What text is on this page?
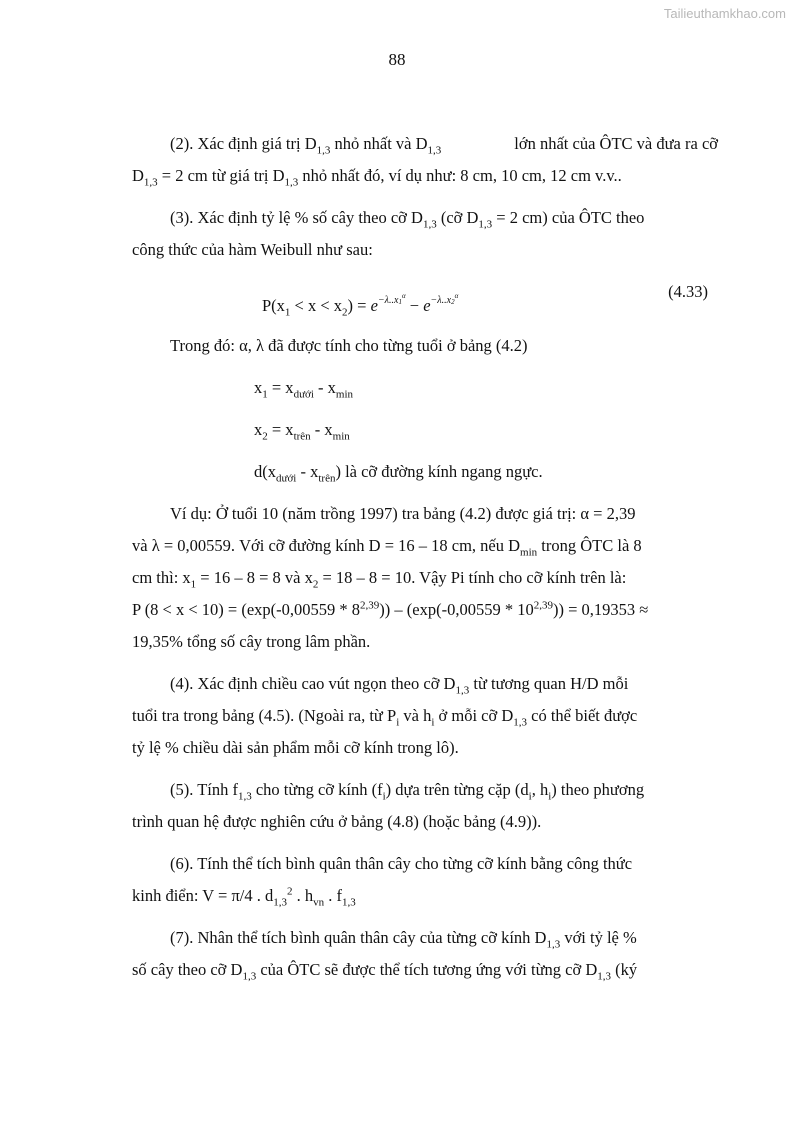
Tailieuthamkhao.com
88

(2). Xác định giá trị $D_{1,3}$ nhỏ nhất và $D_{1,3}$	lớn nhất của ÔTC và đưa ra cỡ
$D_{1,3} = 2$ cm từ giá trị $D_{1,3}$ nhỏ nhất đó, ví dụ như: 8 cm, 10 cm, 12 cm v.v..

(3). Xác định tỷ lệ % số cây theo cỡ $D_{1,3}$ (cỡ $D_{1,3} = 2$ cm) của ÔTC theo
công thức của hàm Weibull như sau:

$P(x_1 < x < x_2) = e^{-\lambda..x1^\alpha} - e^{-\lambda..x2^\alpha}$	(4.33)

Trong đó: α, λ đã được tính cho từng tuổi ở bảng (4.2)

$x_1 = x_{dưới} - x_{min}$

$x_2 = x_{trên} - x_{min}$

$d(x_{dưới} - x_{trên})$ là cỡ đường kính ngang ngực.

Ví dụ: Ở tuổi 10 (năm trồng 1997) tra bảng (4.2) được giá trị: α = 2,39
và λ = 0,00559. Với cỡ đường kính D = 16 – 18 cm, nếu $D_{min}$ trong ÔTC là 8
cm thì: $x_1 = 16 - 8 = 8$ và $x_2 = 18 - 8 = 10$. Vậy Pi tính cho cỡ kính trên là:
P $(8 < x < 10) = (\exp(-0,00559 * 8^{2,39})) - (\exp(-0,00559 * 10^{2,39})) = 0,19353$ ≈
19,35% tổng số cây trong lâm phần.

(4). Xác định chiều cao vút ngọn theo cỡ $D_{1,3}$ từ tương quan H/D mỗi
tuổi tra trong bảng (4.5). (Ngoài ra, từ $P_i$ và $h_i$ ở mỗi cỡ $D_{1,3}$ có thể biết được
tỷ lệ % chiều dài sản phẩm mỗi cỡ kính trong lô).

(5). Tính $f_{1,3}$ cho từng cỡ kính $(f_i)$ dựa trên từng cặp ($d_i$, $h_i$) theo phương
trình quan hệ được nghiên cứu ở bảng (4.8) (hoặc bảng (4.9)).

(6). Tính thể tích bình quân thân cây cho từng cỡ kính bằng công thức
kinh điển: V = π/4 . $d_{1,3}^2$ . $h_{vn}$ . $f_{1,3}$

(7). Nhân thể tích bình quân thân cây của từng cỡ kính $D_{1,3}$ với tỷ lệ %
số cây theo cỡ $D_{1,3}$ của ÔTC sẽ được thể tích tương ứng với từng cỡ $D_{1,3}$ (ký
